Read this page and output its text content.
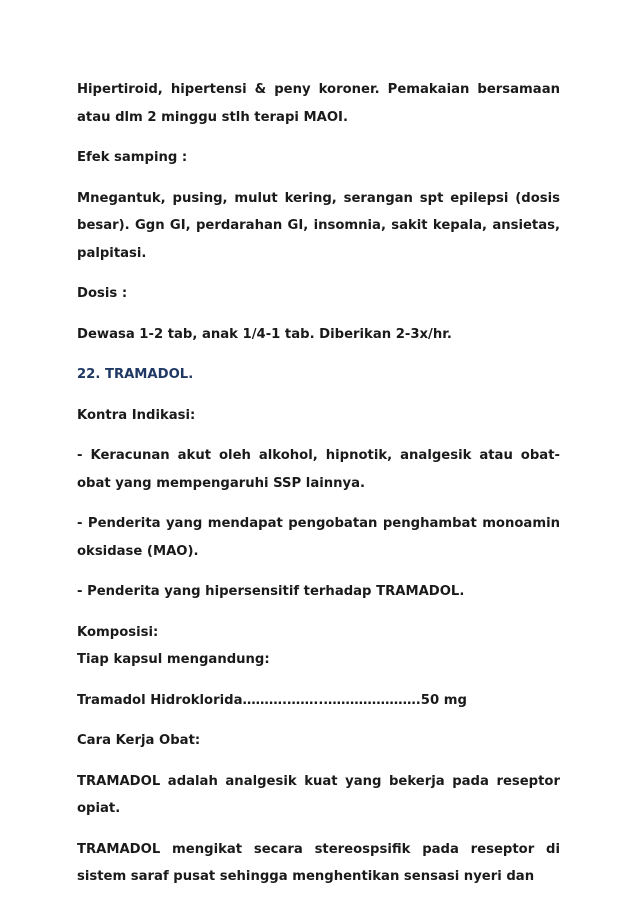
Hipertiroid, hipertensi & peny koroner. Pemakaian bersamaan atau dlm 2 minggu stlh terapi MAOI.

Efek samping :

Mnegantuk, pusing, mulut kering, serangan spt epilepsi (dosis besar). Ggn GI, perdarahan GI, insomnia, sakit kepala, ansietas, palpitasi.

Dosis :

Dewasa 1-2 tab, anak 1/4-1 tab. Diberikan 2-3x/hr.

22. TRAMADOL.

Kontra Indikasi:

- Keracunan akut oleh alkohol, hipnotik, analgesik atau obat-obat yang mempengaruhi SSP lainnya.

- Penderita yang mendapat pengobatan penghambat monoamin oksidase (MAO).

- Penderita yang hipersensitif terhadap TRAMADOL.

Komposisi:

Tiap kapsul mengandung:

Tramadol Hidroklorida……….……..………………….50 mg

Cara Kerja Obat:

TRAMADOL adalah analgesik kuat yang bekerja pada reseptor opiat.

TRAMADOL mengikat secara stereospsifik pada reseptor di sistem saraf pusat sehingga menghentikan sensasi nyeri dan
